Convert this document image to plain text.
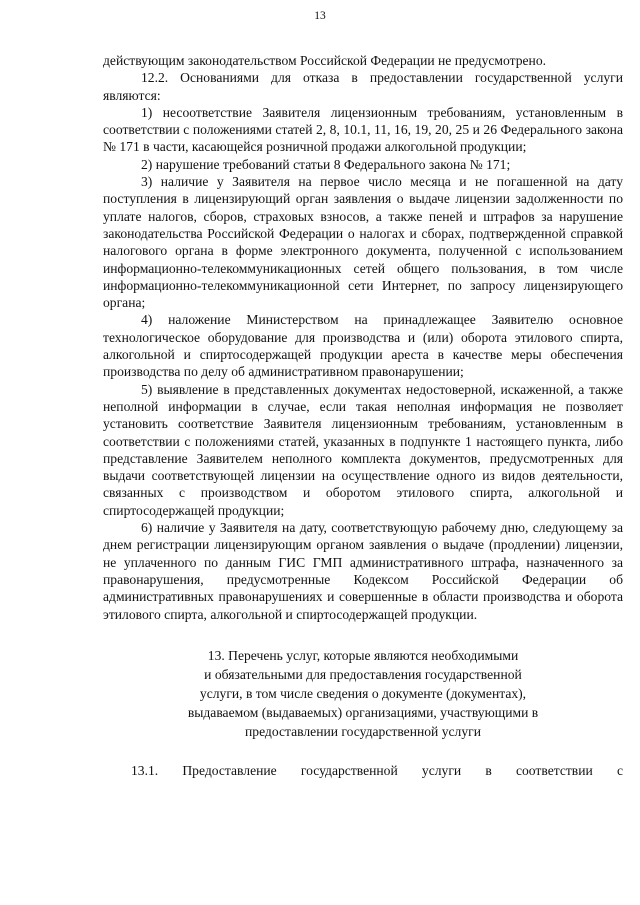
13
действующим законодательством Российской Федерации не предусмотрено.
12.2. Основаниями для отказа в предоставлении государственной услуги являются:
1) несоответствие Заявителя лицензионным требованиям, установленным в соответствии с положениями статей 2, 8, 10.1, 11, 16, 19, 20, 25 и 26 Федерального закона № 171 в части, касающейся розничной продажи алкогольной продукции;
2) нарушение требований статьи 8 Федерального закона № 171;
3) наличие у Заявителя на первое число месяца и не погашенной на дату поступления в лицензирующий орган заявления о выдаче лицензии задолженности по уплате налогов, сборов, страховых взносов, а также пеней и штрафов за нарушение законодательства Российской Федерации о налогах и сборах, подтвержденной справкой налогового органа в форме электронного документа, полученной с использованием информационно-телекоммуникационных сетей общего пользования, в том числе информационно-телекоммуникационной сети Интернет, по запросу лицензирующего органа;
4) наложение Министерством на принадлежащее Заявителю основное технологическое оборудование для производства и (или) оборота этилового спирта, алкогольной и спиртосодержащей продукции ареста в качестве меры обеспечения производства по делу об административном правонарушении;
5) выявление в представленных документах недостоверной, искаженной, а также неполной информации в случае, если такая неполная информация не позволяет установить соответствие Заявителя лицензионным требованиям, установленным в соответствии с положениями статей, указанных в подпункте 1 настоящего пункта, либо представление Заявителем неполного комплекта документов, предусмотренных для выдачи соответствующей лицензии на осуществление одного из видов деятельности, связанных с производством и оборотом этилового спирта, алкогольной и спиртосодержащей продукции;
6) наличие у Заявителя на дату, соответствующую рабочему дню, следующему за днем регистрации лицензирующим органом заявления о выдаче (продлении) лицензии, не уплаченного по данным ГИС ГМП административного штрафа, назначенного за правонарушения, предусмотренные Кодексом Российской Федерации об административных правонарушениях и совершенные в области производства и оборота этилового спирта, алкогольной и спиртосодержащей продукции.
13. Перечень услуг, которые являются необходимыми
и обязательными для предоставления государственной
услуги, в том числе сведения о документе (документах),
выдаваемом (выдаваемых) организациями, участвующими в
предоставлении государственной услуги
13.1. Предоставление государственной услуги в соответствии с
